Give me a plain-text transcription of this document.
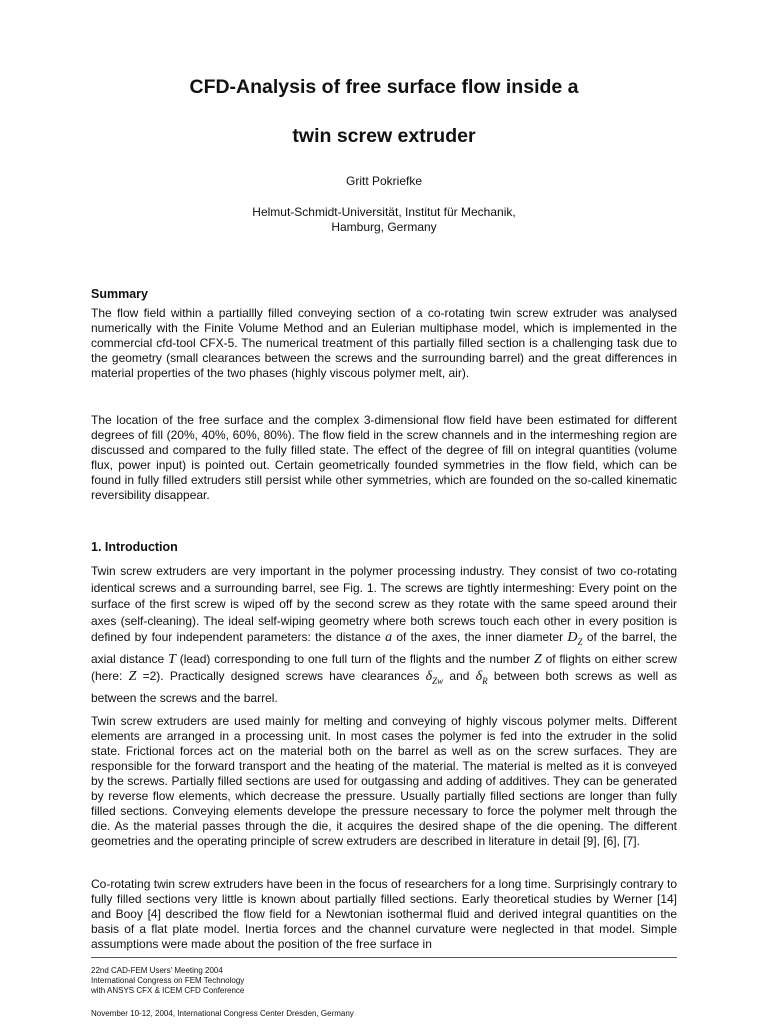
CFD-Analysis of free surface flow inside a
twin screw extruder
Gritt Pokriefke
Helmut-Schmidt-Universität, Institut für Mechanik,
Hamburg, Germany
Summary

The flow field within a partiallly filled conveying section of a co-rotating twin screw extruder was analysed numerically with the Finite Volume Method and an Eulerian multiphase model, which is implemented in the commercial cfd-tool CFX-5. The numerical treatment of this partially filled section is a challenging task due to the geometry (small clearances between the screws and the surrounding barrel) and the great differences in material properties of the two phases (highly viscous polymer melt, air).

The location of the free surface and the complex 3-dimensional flow field have been estimated for different degrees of fill (20%, 40%, 60%, 80%). The flow field in the screw channels and in the intermeshing region are discussed and compared to the fully filled state. The effect of the degree of fill on integral quantities (volume flux, power input) is pointed out. Certain geometrically founded symmetries in the flow field, which can be found in fully filled extruders still persist while other symmetries, which are founded on the so-called kinematic reversibility disappear.

1. Introduction

Twin screw extruders are very important in the polymer processing industry. They consist of two co-rotating identical screws and a surrounding barrel, see Fig. 1. The screws are tightly intermeshing: Every point on the surface of the first screw is wiped off by the second screw as they rotate with the same speed around their axes (self-cleaning). The ideal self-wiping geometry where both screws touch each other in every position is defined by four independent parameters: the distance a of the axes, the inner diameter $D_Z$ of the barrel, the axial distance T (lead) corresponding to one full turn of the flights and the number Z of flights on either screw (here: Z =2). Practically designed screws have clearances $\delta_{Zw}$ and $\delta_R$ between both screws as well as between the screws and the barrel.

Twin screw extruders are used mainly for melting and conveying of highly viscous polymer melts. Different elements are arranged in a processing unit. In most cases the polymer is fed into the extruder in the solid state. Frictional forces act on the material both on the barrel as well as on the screw surfaces. They are responsible for the forward transport and the heating of the material. The material is melted as it is conveyed by the screws. Partially filled sections are used for outgassing and adding of additives. They can be generated by reverse flow elements, which decrease the pressure. Usually partially filled sections are longer than fully filled sections. Conveying elements develope the pressure necessary to force the polymer melt through the die. As the material passes through the die, it acquires the desired shape of the die opening. The different geometries and the operating principle of screw extruders are described in literature in detail [9], [6], [7].

Co-rotating twin screw extruders have been in the focus of researchers for a long time. Surprisingly contrary to fully filled sections very little is known about partially filled sections. Early theoretical studies by Werner [14] and Booy [4] described the flow field for a Newtonian isothermal fluid and derived integral quantities on the basis of a flat plate model. Inertia forces and the channel curvature were neglected in that model. Simple assumptions were made about the position of the free surface in

22nd CAD-FEM Users' Meeting 2004
International Congress on FEM Technology
with ANSYS CFX & ICEM CFD Conference
November 10-12, 2004, International Congress Center Dresden, Germany
